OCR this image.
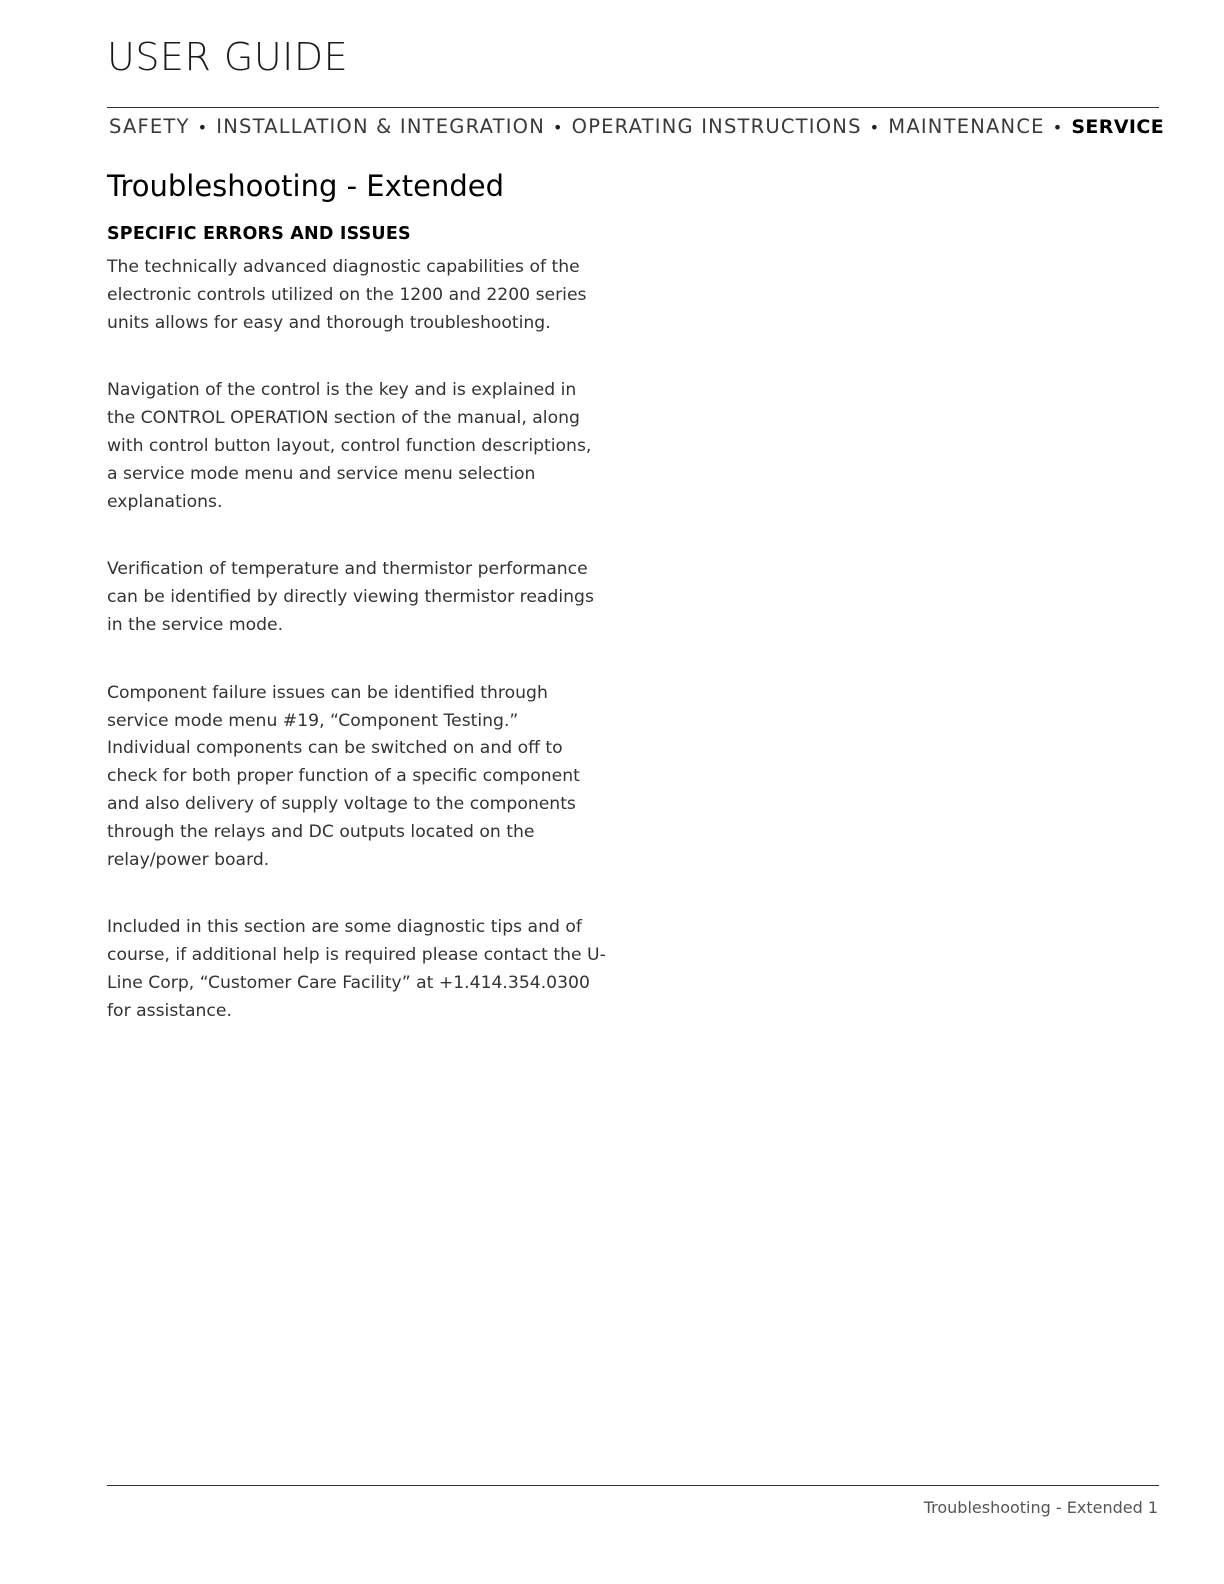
USER GUIDE
SAFETY • INSTALLATION & INTEGRATION • OPERATING INSTRUCTIONS • MAINTENANCE • SERVICE
Troubleshooting - Extended
SPECIFIC ERRORS AND ISSUES

The technically advanced diagnostic capabilities of the electronic controls utilized on the 1200 and 2200 series units allows for easy and thorough troubleshooting.

Navigation of the control is the key and is explained in the CONTROL OPERATION section of the manual, along with control button layout, control function descriptions, a service mode menu and service menu selection explanations.

Verification of temperature and thermistor performance can be identified by directly viewing thermistor readings in the service mode.

Component failure issues can be identified through service mode menu #19, “Component Testing.” Individual components can be switched on and off to check for both proper function of a specific component and also delivery of supply voltage to the components through the relays and DC outputs located on the relay/power board.

Included in this section are some diagnostic tips and of course, if additional help is required please contact the U-Line Corp, “Customer Care Facility” at +1.414.354.0300 for assistance.

Troubleshooting - Extended 1
